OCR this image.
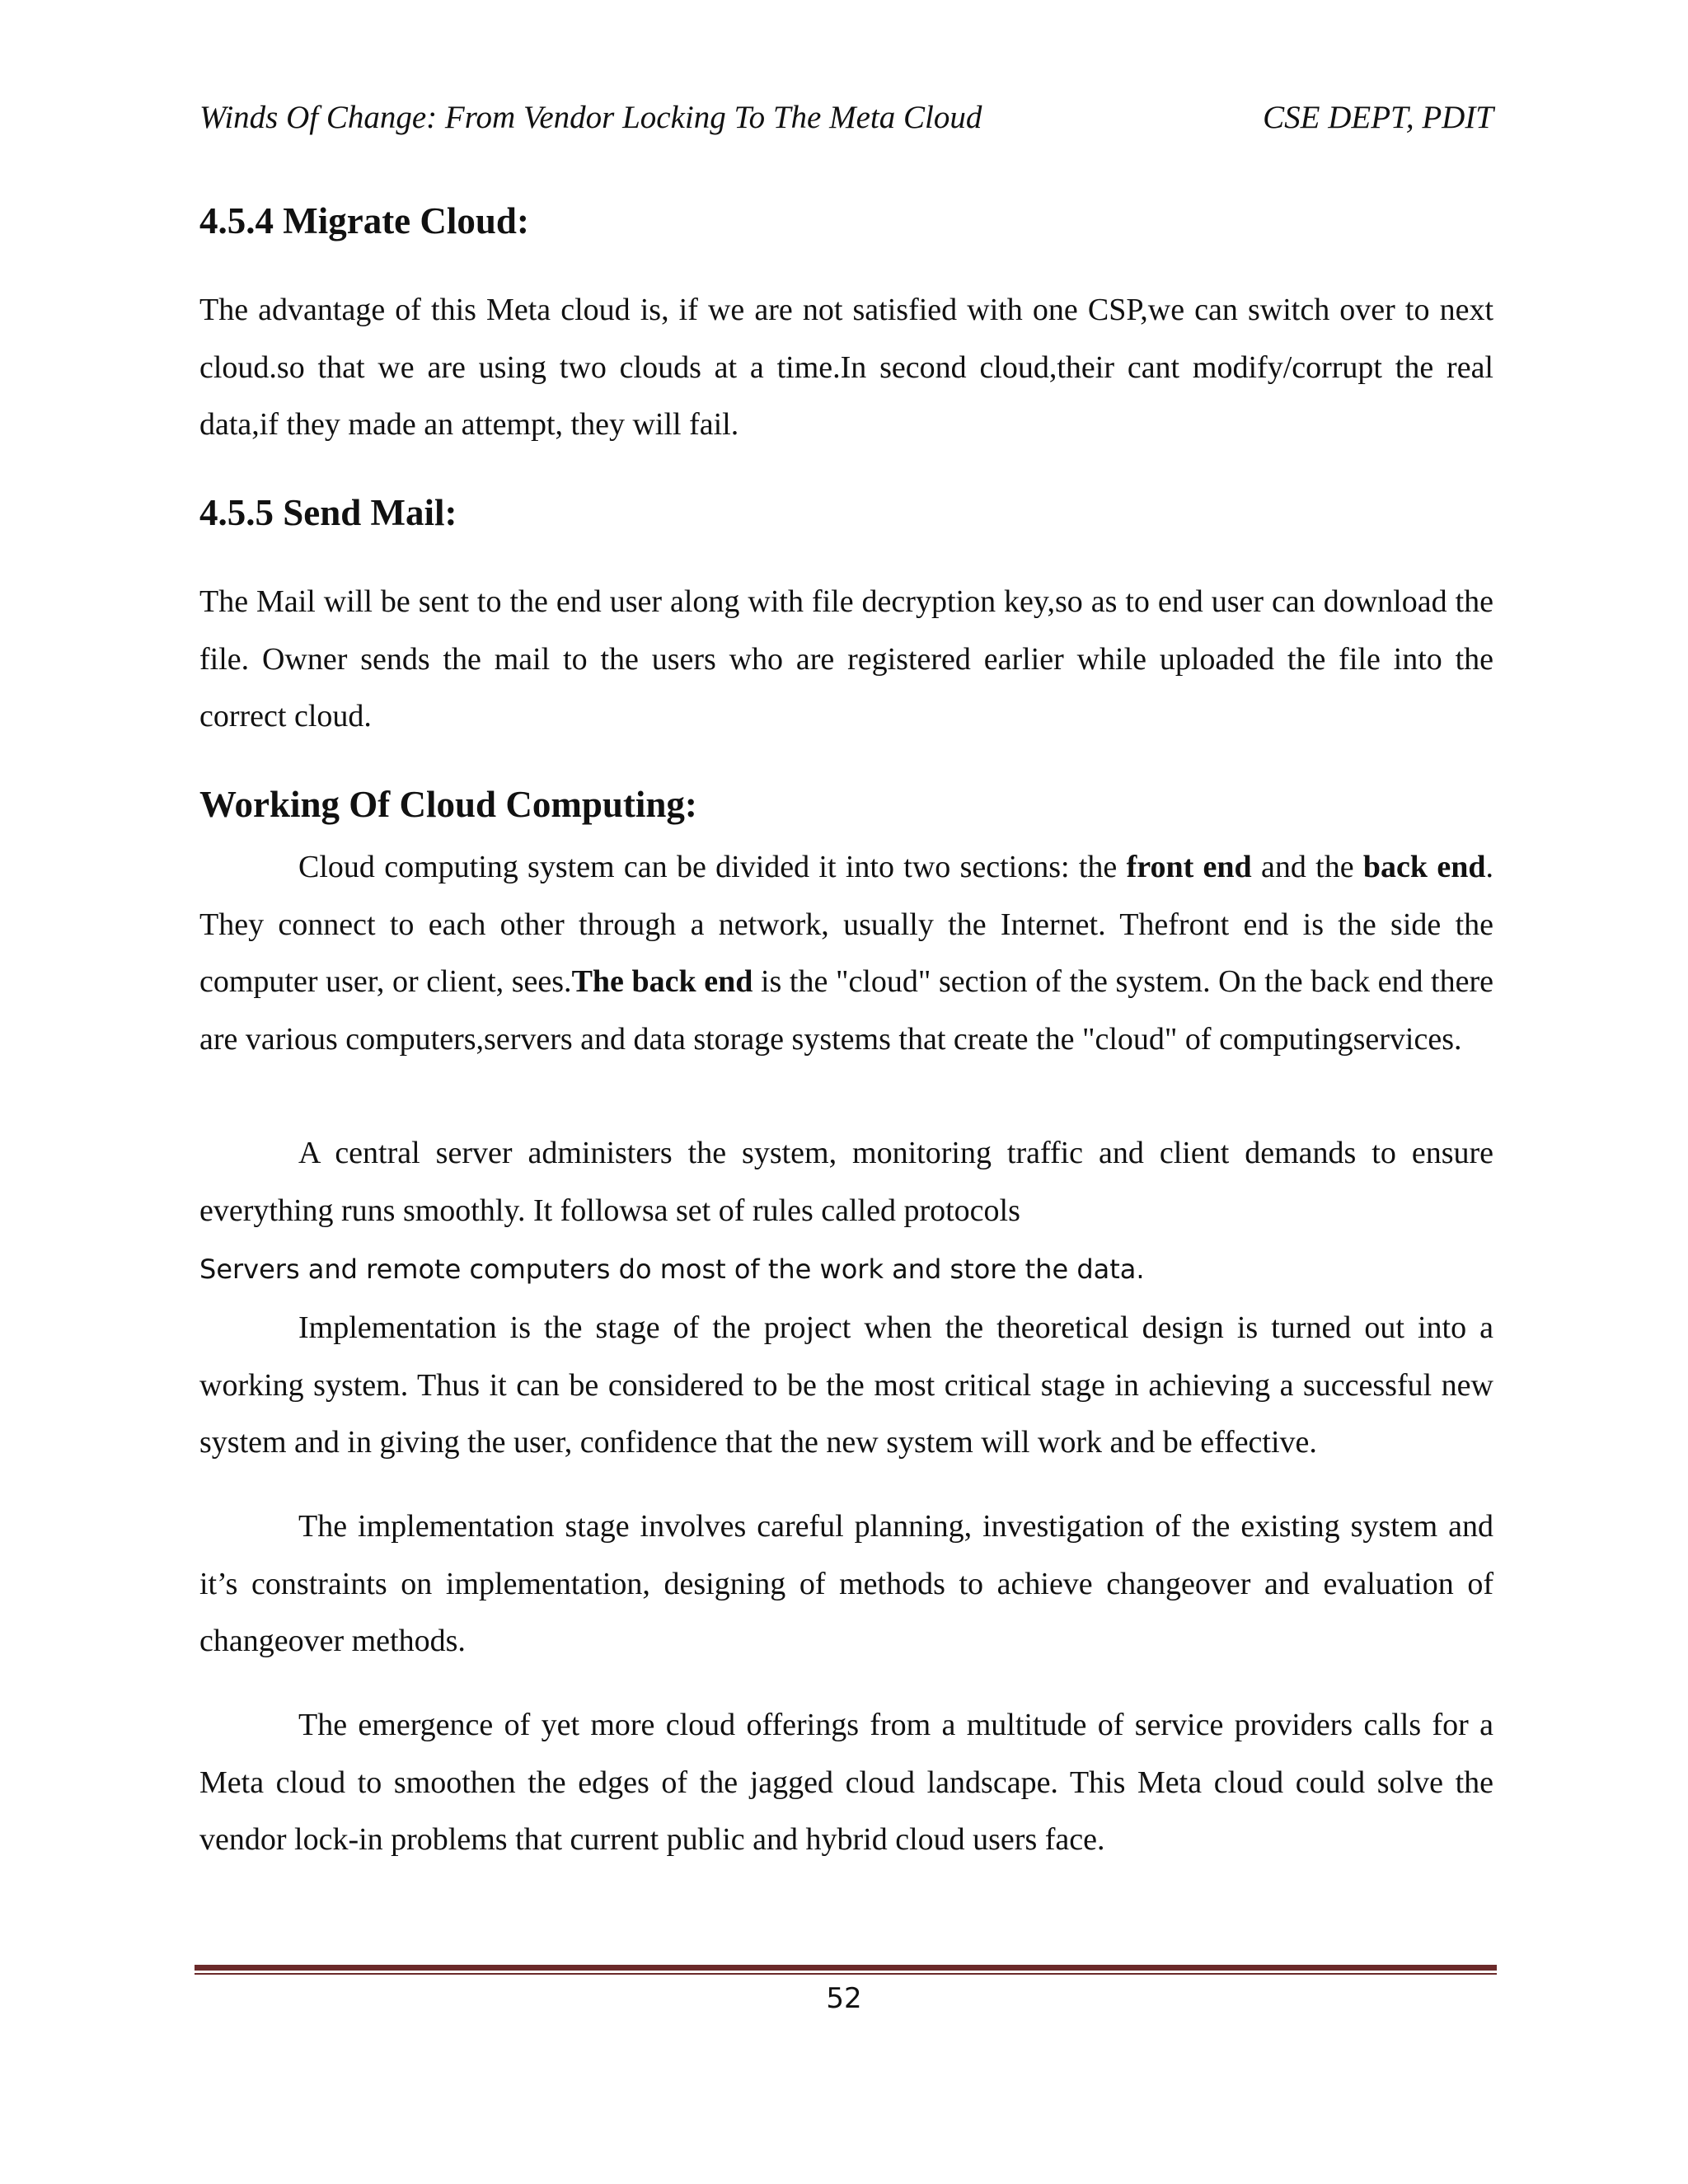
Winds Of Change: From Vendor Locking To The Meta Cloud	CSE DEPT, PDIT
4.5.4 Migrate Cloud:

The advantage of this Meta cloud is, if we are not satisfied with one CSP,we can switch over to next cloud.so that we are using two clouds at a time.In second cloud,their cant modify/corrupt the real data,if they made an attempt, they will fail.

4.5.5 Send Mail:

The Mail will be sent to the end user along with file decryption key,so as to end user can download the file. Owner sends the mail to the users who are registered earlier while uploaded the file into the correct cloud.

Working Of Cloud Computing:

Cloud computing system can be divided it into two sections: the front end and the back end. They connect to each other through a network, usually the Internet. Thefront end is the side the computer user, or client, sees.The back end is the "cloud" section of the system. On the back end there are various computers,servers and data storage systems that create the "cloud" of computingservices.

A central server administers the system, monitoring traffic and client demands to ensure everything runs smoothly. It followsa set of rules called protocols

Servers and remote computers do most of the work and store the data.

Implementation is the stage of the project when the theoretical design is turned out into a working system. Thus it can be considered to be the most critical stage in achieving a successful new system and in giving the user, confidence that the new system will work and be effective.

The implementation stage involves careful planning, investigation of the existing system and it’s constraints on implementation, designing of methods to achieve changeover and evaluation of changeover methods.

The emergence of yet more cloud offerings from a multitude of service providers calls for a Meta cloud to smoothen the edges of the jagged cloud landscape. This Meta cloud could solve the vendor lock-in problems that current public and hybrid cloud users face.

52
